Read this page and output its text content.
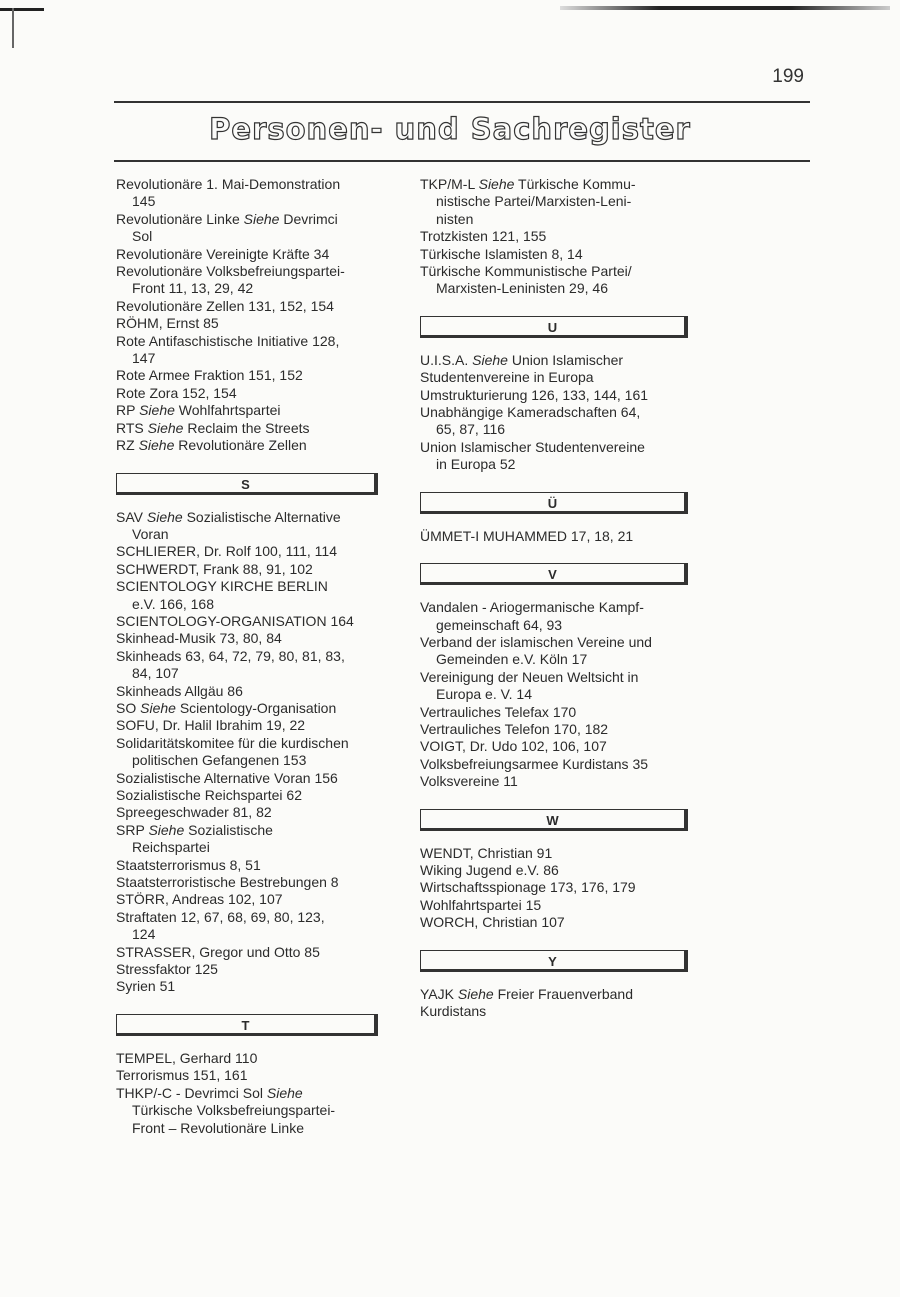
199
Personen- und Sachregister
Revolutionäre 1. Mai-Demonstration
145
Revolutionäre Linke Siehe Devrimci
Sol
Revolutionäre Vereinigte Kräfte 34
Revolutionäre Volksbefreiungspartei-
Front 11, 13, 29, 42
Revolutionäre Zellen 131, 152, 154
RÖHM, Ernst 85
Rote Antifaschistische Initiative 128,
147
Rote Armee Fraktion 151, 152
Rote Zora 152, 154
RP Siehe Wohlfahrtspartei
RTS Siehe Reclaim the Streets
RZ Siehe Revolutionäre Zellen
S
SAV Siehe Sozialistische Alternative
Voran
SCHLIERER, Dr. Rolf 100, 111, 114
SCHWERDT, Frank 88, 91, 102
SCIENTOLOGY KIRCHE BERLIN
e.V. 166, 168
SCIENTOLOGY-ORGANISATION 164
Skinhead-Musik 73, 80, 84
Skinheads 63, 64, 72, 79, 80, 81, 83,
84, 107
Skinheads Allgäu 86
SO Siehe Scientology-Organisation
SOFU, Dr. Halil Ibrahim 19, 22
Solidaritätskomitee für die kurdischen
politischen Gefangenen 153
Sozialistische Alternative Voran 156
Sozialistische Reichspartei 62
Spreegeschwader 81, 82
SRP Siehe Sozialistische
Reichspartei
Staatsterrorismus 8, 51
Staatsterroristische Bestrebungen 8
STÖRR, Andreas 102, 107
Straftaten 12, 67, 68, 69, 80, 123,
124
STRASSER, Gregor und Otto 85
Stressfaktor 125
Syrien 51
T
TEMPEL, Gerhard 110
Terrorismus 151, 161
THKP/-C - Devrimci Sol Siehe
Türkische Volksbefreiungspartei-
Front – Revolutionäre Linke
TKP/M-L Siehe Türkische Kommu-
nistische Partei/Marxisten-Leni-
nisten
Trotzkisten 121, 155
Türkische Islamisten 8, 14
Türkische Kommunistische Partei/
Marxisten-Leninisten 29, 46
U
U.I.S.A. Siehe Union Islamischer
Studentenvereine in Europa
Umstrukturierung 126, 133, 144, 161
Unabhängige Kameradschaften 64,
65, 87, 116
Union Islamischer Studentenvereine
in Europa 52
Ü
ÜMMET-I MUHAMMED 17, 18, 21
V
Vandalen - Ariogermanische Kampf-
gemeinschaft 64, 93
Verband der islamischen Vereine und
Gemeinden e.V. Köln 17
Vereinigung der Neuen Weltsicht in
Europa e. V. 14
Vertrauliches Telefax 170
Vertrauliches Telefon 170, 182
VOIGT, Dr. Udo 102, 106, 107
Volksbefreiungsarmee Kurdistans 35
Volksvereine 11
W
WENDT, Christian 91
Wiking Jugend e.V. 86
Wirtschaftsspionage 173, 176, 179
Wohlfahrtspartei 15
WORCH, Christian 107
Y
YAJK Siehe Freier Frauenverband
Kurdistans
